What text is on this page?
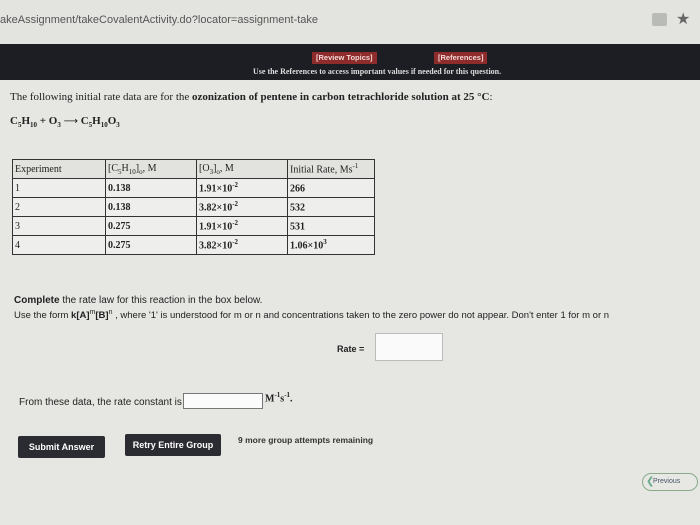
akeAssignment/takeCovalentActivity.do?locator=assignment-take	★
[Review Topics]	[References]
Use the References to access important values if needed for this question.
The following initial rate data are for the ozonization of pentene in carbon tetrachloride solution at 25 °C:
$C_5H_{10} + O_3$ ⟶ $C_5H_{10}O_3$
Experiment	$[C_5H_{10}]_o$, M	$[O_3]_o$, M	Initial Rate, $Ms^{-1}$
1	0.138	$1.91\times 10^{-2}$	266
2	0.138	$3.82\times 10^{-2}$	532
3	0.275	$1.91\times 10^{-2}$	531
4	0.275	$3.82\times 10^{-2}$	$1.06\times 10^3$
Complete the rate law for this reaction in the box below.
Use the form $k[A]^m[B]^n$ , where '1' is understood for m or n and concentrations taken to the zero power do not appear. Don't enter 1 for m or n
Rate =
From these data, the rate constant is	$M^{-1}s^{-1}$.
Submit Answer	Retry Entire Group	9 more group attempts remaining
❮
Previous
